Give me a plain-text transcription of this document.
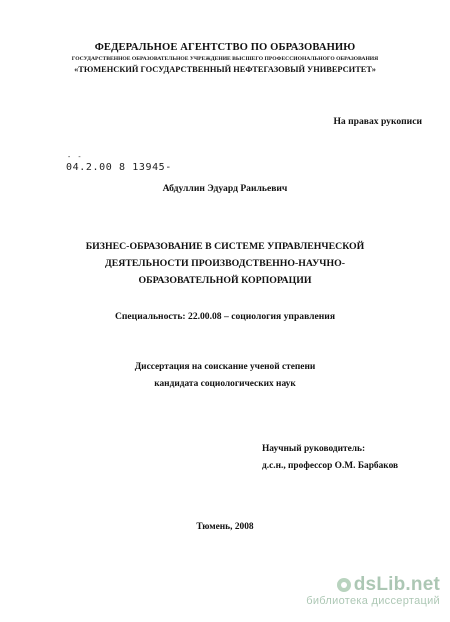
ФЕДЕРАЛЬНОЕ АГЕНТСТВО ПО ОБРАЗОВАНИЮ
ГОСУДАРСТВЕННОЕ ОБРАЗОВАТЕЛЬНОЕ УЧРЕЖДЕНИЕ ВЫСШЕГО ПРОФЕССИОНАЛЬНОГО ОБРАЗОВАНИЯ
«ТЮМЕНСКИЙ ГОСУДАРСТВЕННЫЙ НЕФТЕГАЗОВЫЙ УНИВЕРСИТЕТ»
На правах рукописи
- -
04.2.00 8 13945-
Абдуллин Эдуард Раильевич
БИЗНЕС-ОБРАЗОВАНИЕ В СИСТЕМЕ УПРАВЛЕНЧЕСКОЙ
ДЕЯТЕЛЬНОСТИ ПРОИЗВОДСТВЕННО-НАУЧНО-
ОБРАЗОВАТЕЛЬНОЙ КОРПОРАЦИИ
Специальность: 22.00.08 – социология управления
Диссертация на соискание ученой степени
кандидата социологических наук
Научный руководитель:
д.с.н., профессор О.М. Барбаков
Тюмень, 2008
dsLib.net
библиотека диссертаций
